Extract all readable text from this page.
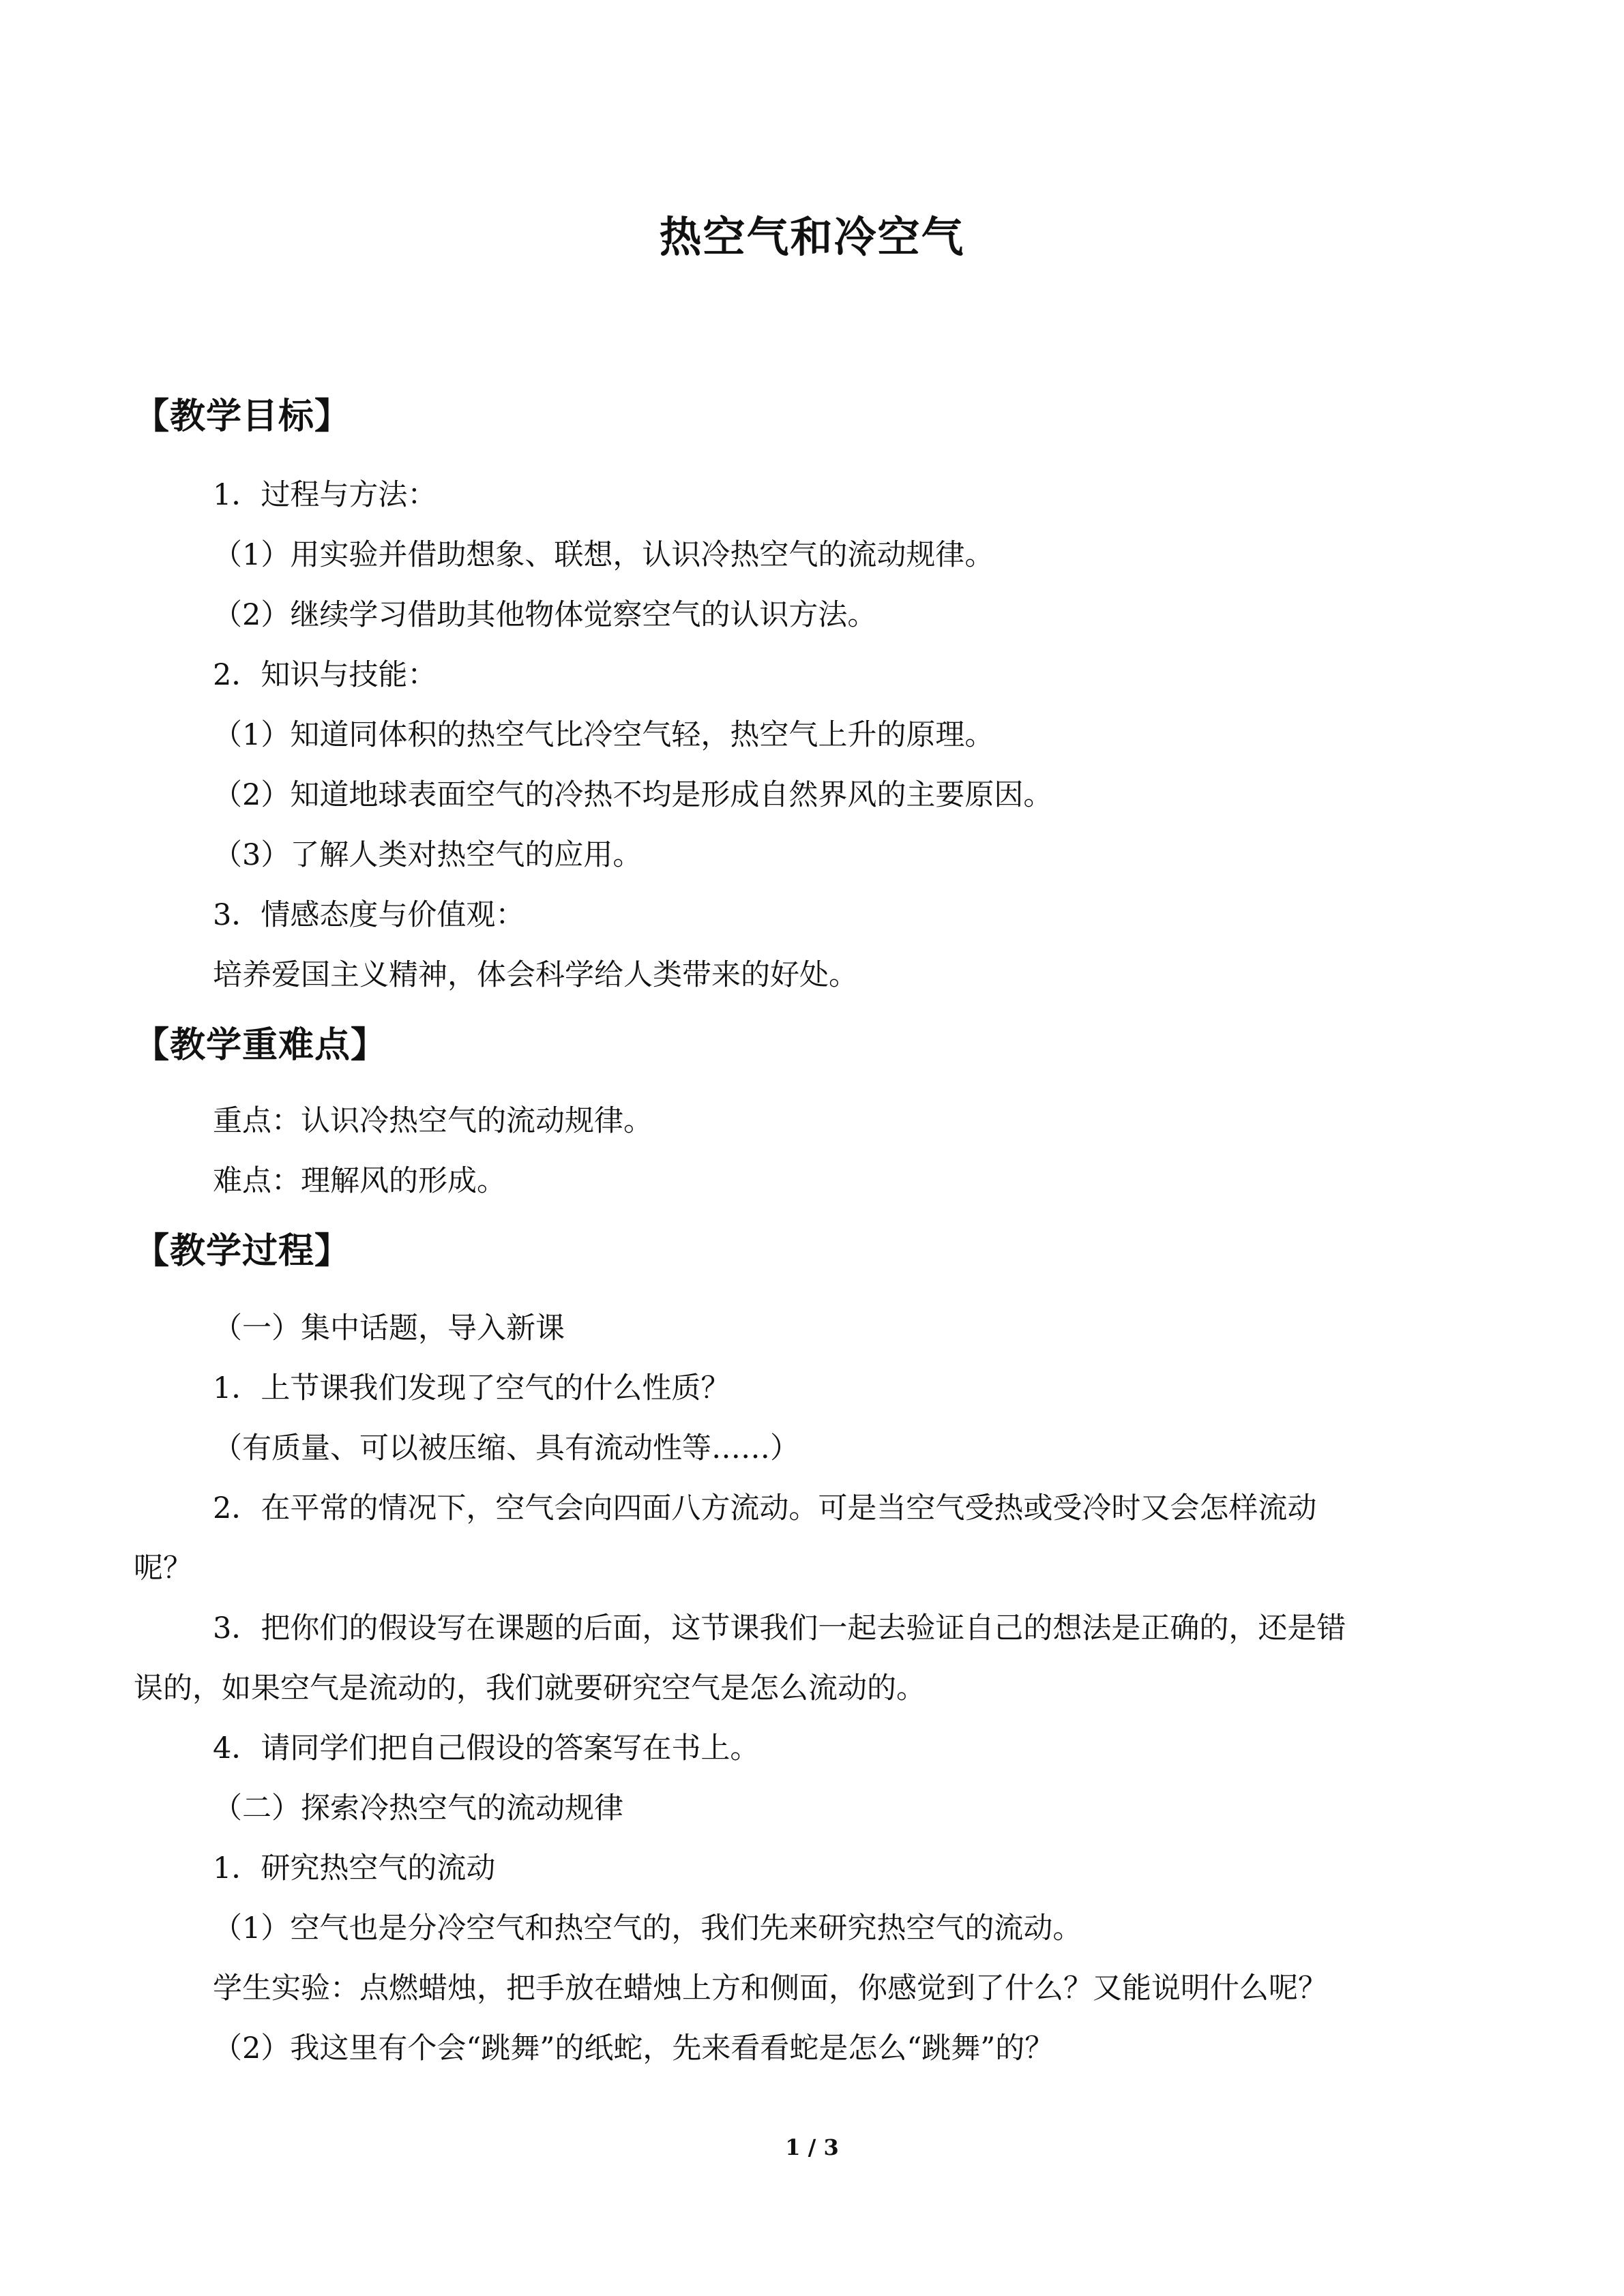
热空气和冷空气
【教学目标】
1．过程与方法：
（1）用实验并借助想象、联想，认识冷热空气的流动规律。
（2）继续学习借助其他物体觉察空气的认识方法。
2．知识与技能：
（1）知道同体积的热空气比冷空气轻，热空气上升的原理。
（2）知道地球表面空气的冷热不均是形成自然界风的主要原因。
（3）了解人类对热空气的应用。
3．情感态度与价值观：
培养爱国主义精神，体会科学给人类带来的好处。
【教学重难点】
重点：认识冷热空气的流动规律。
难点：理解风的形成。
【教学过程】
（一）集中话题，导入新课
1．上节课我们发现了空气的什么性质？
（有质量、可以被压缩、具有流动性等……）
2．在平常的情况下，空气会向四面八方流动。可是当空气受热或受冷时又会怎样流动
呢？
3．把你们的假设写在课题的后面，这节课我们一起去验证自己的想法是正确的，还是错
误的，如果空气是流动的，我们就要研究空气是怎么流动的。
4．请同学们把自己假设的答案写在书上。
（二）探索冷热空气的流动规律
1．研究热空气的流动
（1）空气也是分冷空气和热空气的，我们先来研究热空气的流动。
学生实验：点燃蜡烛，把手放在蜡烛上方和侧面，你感觉到了什么？又能说明什么呢？
（2）我这里有个会“跳舞”的纸蛇，先来看看蛇是怎么“跳舞”的？
1 / 3
